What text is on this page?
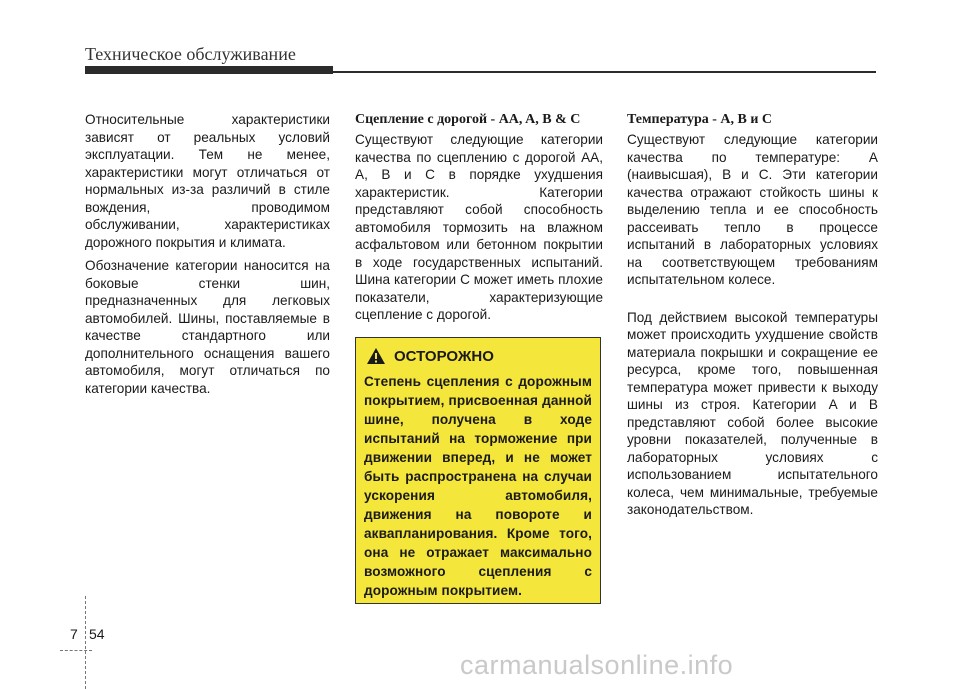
Техническое обслуживание

Относительные характеристики зависят от реальных условий эксплуатации. Тем не менее, характеристики могут отличаться от нормальных из-за различий в стиле вождения, проводимом обслуживании, характеристиках дорожного покрытия и климата.

Обозначение категории наносится на боковые стенки шин, предназначенных для легковых автомобилей. Шины, поставляемые в качестве стандартного или дополнительного оснащения вашего автомобиля, могут отличаться по категории качества.

Сцепление с дорогой - AA, A, B & C

Существуют следующие категории качества по сцеплению с дорогой AA, A, B и C в порядке ухудшения характеристик. Категории представляют собой способность автомобиля тормозить на влажном асфальтовом или бетонном покрытии в ходе государственных испытаний. Шина категории C может иметь плохие показатели, характеризующие сцепление с дорогой.

ОСТОРОЖНО

Степень сцепления с дорожным покрытием, присвоенная данной шине, получена в ходе испытаний на торможение при движении вперед, и не может быть распространена на случаи ускорения автомобиля, движения на повороте и аквапланирования. Кроме того, она не отражает максимально возможного сцепления с дорожным покрытием.

Температура - A, B и C

Существуют следующие категории качества по температуре: A (наивысшая), B и C. Эти категории качества отражают стойкость шины к выделению тепла и ее способность рассеивать тепло в процессе испытаний в лабораторных условиях на соответствующем требованиям испытательном колесе.

Под действием высокой температуры может происходить ухудшение свойств материала покрышки и сокращение ее ресурса, кроме того, повышенная температура может привести к выходу шины из строя. Категории A и B представляют собой более высокие уровни показателей, полученные в лабораторных условиях с использованием испытательного колеса, чем минимальные, требуемые законодательством.

7 54
carmanualsonline.info
